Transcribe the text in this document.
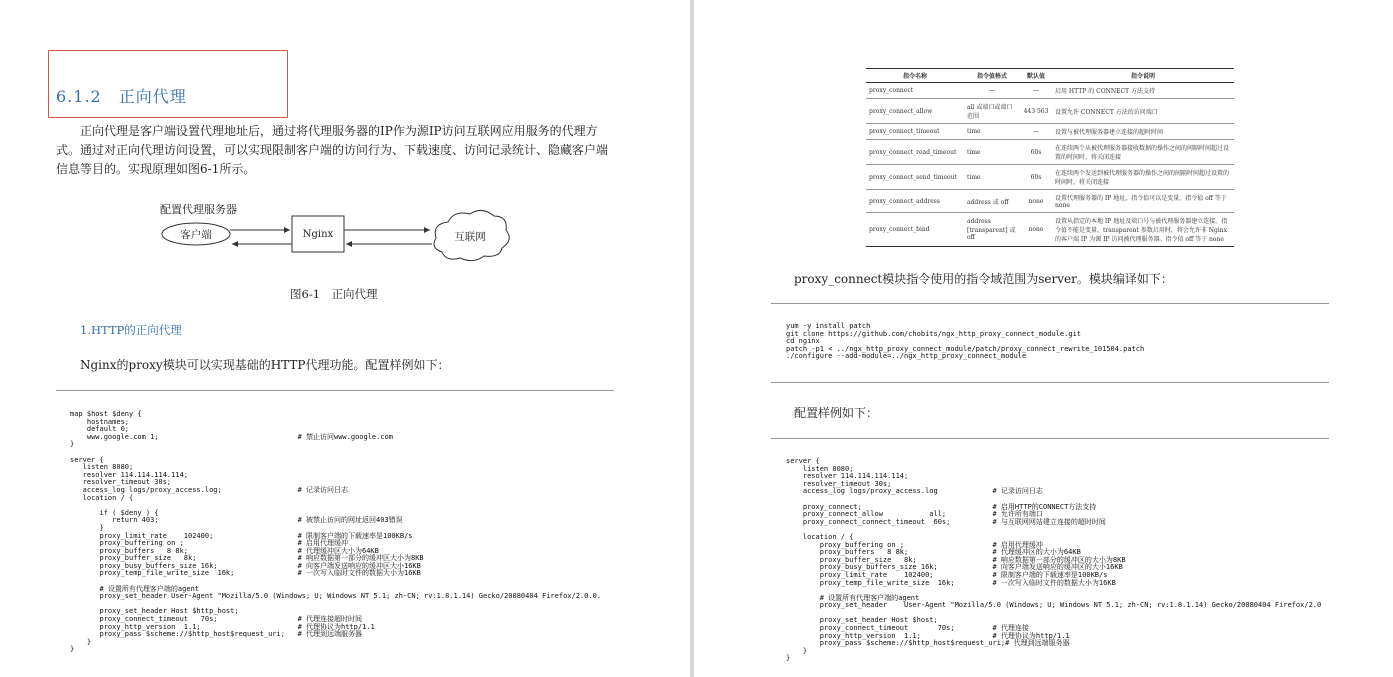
6.1.2　正向代理

正向代理是客户端设置代理地址后，通过将代理服务器的IP作为源IP访问互联网应用服务的代理方式。通过对正向代理访问设置，可以实现限制客户端的访问行为、下载速度、访问记录统计、隐藏客户端信息等目的。实现原理如图6-1所示。

配置代理服务器
客户端	Nginx	互联网
图6-1　正向代理
1.HTTP的正向代理
Nginx的proxy模块可以实现基础的HTTP代理功能。配置样例如下：
map $host $deny {
hostnames;
default 0;
www.google.com 1;                                 # 禁止访问www.google.com
}

server {
listen 8080;
resolver 114.114.114.114;
resolver_timeout 30s;
access_log logs/proxy_access.log;                  # 记录访问日志
location / {

if ( $deny ) {
return 403;                                 # 被禁止访问的网址返回403错误
}
proxy_limit_rate    102400;                    # 限制客户端的下载速率是100KB/s
proxy_buffering on ;                           # 启用代理缓冲
proxy_buffers   8 8k;                          # 代理缓冲区大小为64KB
proxy_buffer_size   8k;                        # 响应数据第一部分的缓冲区大小为8KB
proxy_busy_buffers_size 16k;                   # 向客户端发送响应的缓冲区大小16KB
proxy_temp_file_write_size  16k;               # 一次写入临时文件的数据大小为16KB

# 设置所有代理客户端的agent
proxy_set_header User-Agent "Mozilla/5.0 (Windows; U; Windows NT 5.1; zh-CN; rv:1.8.1.14) Gecko/20080404 Firefox/2.0.0.

proxy_set_header Host $http_host;
proxy_connect_timeout   70s;                   # 代理连接超时时间
proxy_http_version  1.1;                       # 代理协议为http/1.1
proxy_pass $scheme://$http_host$request_uri;   # 代理到远端服务器
}
}
指令名称	指令值格式	默认值	指令说明
proxy_connect	—	—	启用 HTTP 的 CONNECT 方法支持
proxy_connect_allow	all 或端口或端口范围	443 563	设置允许 CONNECT 方法的访问端口
proxy_connect_timeout	time	—	设置与被代理服务器建立连接的超时时间
proxy_connect_read_timeout	time	60s	在连续两个从被代理服务器接收数据的操作之间的间隔时间超过设置的时间时，将关闭连接
proxy_connect_send_timeout	time	60s	在连续两个发送到被代理服务器的操作之间的间隔时间超过设置的时间时，将关闭连接
proxy_connect_address	address 或 off	none	设置代理服务器的 IP 地址，指令值可以是变量。指令值 off 等于 none
proxy_connect_bind	address [transparent] 或 off	none	设置从指定的本地 IP 地址及端口号与被代理服务器建立连接。指令值不能是变量。transparent 参数启用时，将会允许非 Nginx 的客户端 IP 为源 IP 访问被代理服务器。指令值 off 等于 none
proxy_connect模块指令使用的指令域范围为server。模块编译如下：
yum -y install patch
git clone https://github.com/chobits/ngx_http_proxy_connect_module.git
cd nginx
patch -p1 < ../ngx_http_proxy_connect_module/patch/proxy_connect_rewrite_101504.patch
./configure --add-module=../ngx_http_proxy_connect_module
配置样例如下：
server {
listen 8080;
resolver 114.114.114.114;
resolver_timeout 30s;
access_log logs/proxy_access.log             # 记录访问日志

proxy_connect;                               # 启用HTTP的CONNECT方法支持
proxy_connect_allow           all;           # 允许所有端口
proxy_connect_connect_timeout  60s;          # 与互联网网站建立连接的超时时间

location / {
proxy_buffering on ;                     # 启用代理缓冲
proxy_buffers   8 8k;                    # 代理缓冲区的大小为64KB
proxy_buffer_size   8k;                  # 响应数据第一部分的缓冲区的大小为8KB
proxy_busy_buffers_size 16k;             # 向客户端发送响应的缓冲区的大小16KB
proxy_limit_rate    102400;              # 限制客户端的下载速率是100KB/s
proxy_temp_file_write_size  16k;         # 一次写入临时文件的数据大小为16KB

# 设置所有代理客户端的agent
proxy_set_header    User-Agent "Mozilla/5.0 (Windows; U; Windows NT 5.1; zh-CN; rv:1.8.1.14) Gecko/20080404 Firefox/2.0

proxy_set_header Host $host;
proxy_connect_timeout       70s;         # 代理连接
proxy_http_version  1.1;                 # 代理协议为http/1.1
proxy_pass $scheme://$http_host$request_uri;# 代理到远端服务器
}
}
